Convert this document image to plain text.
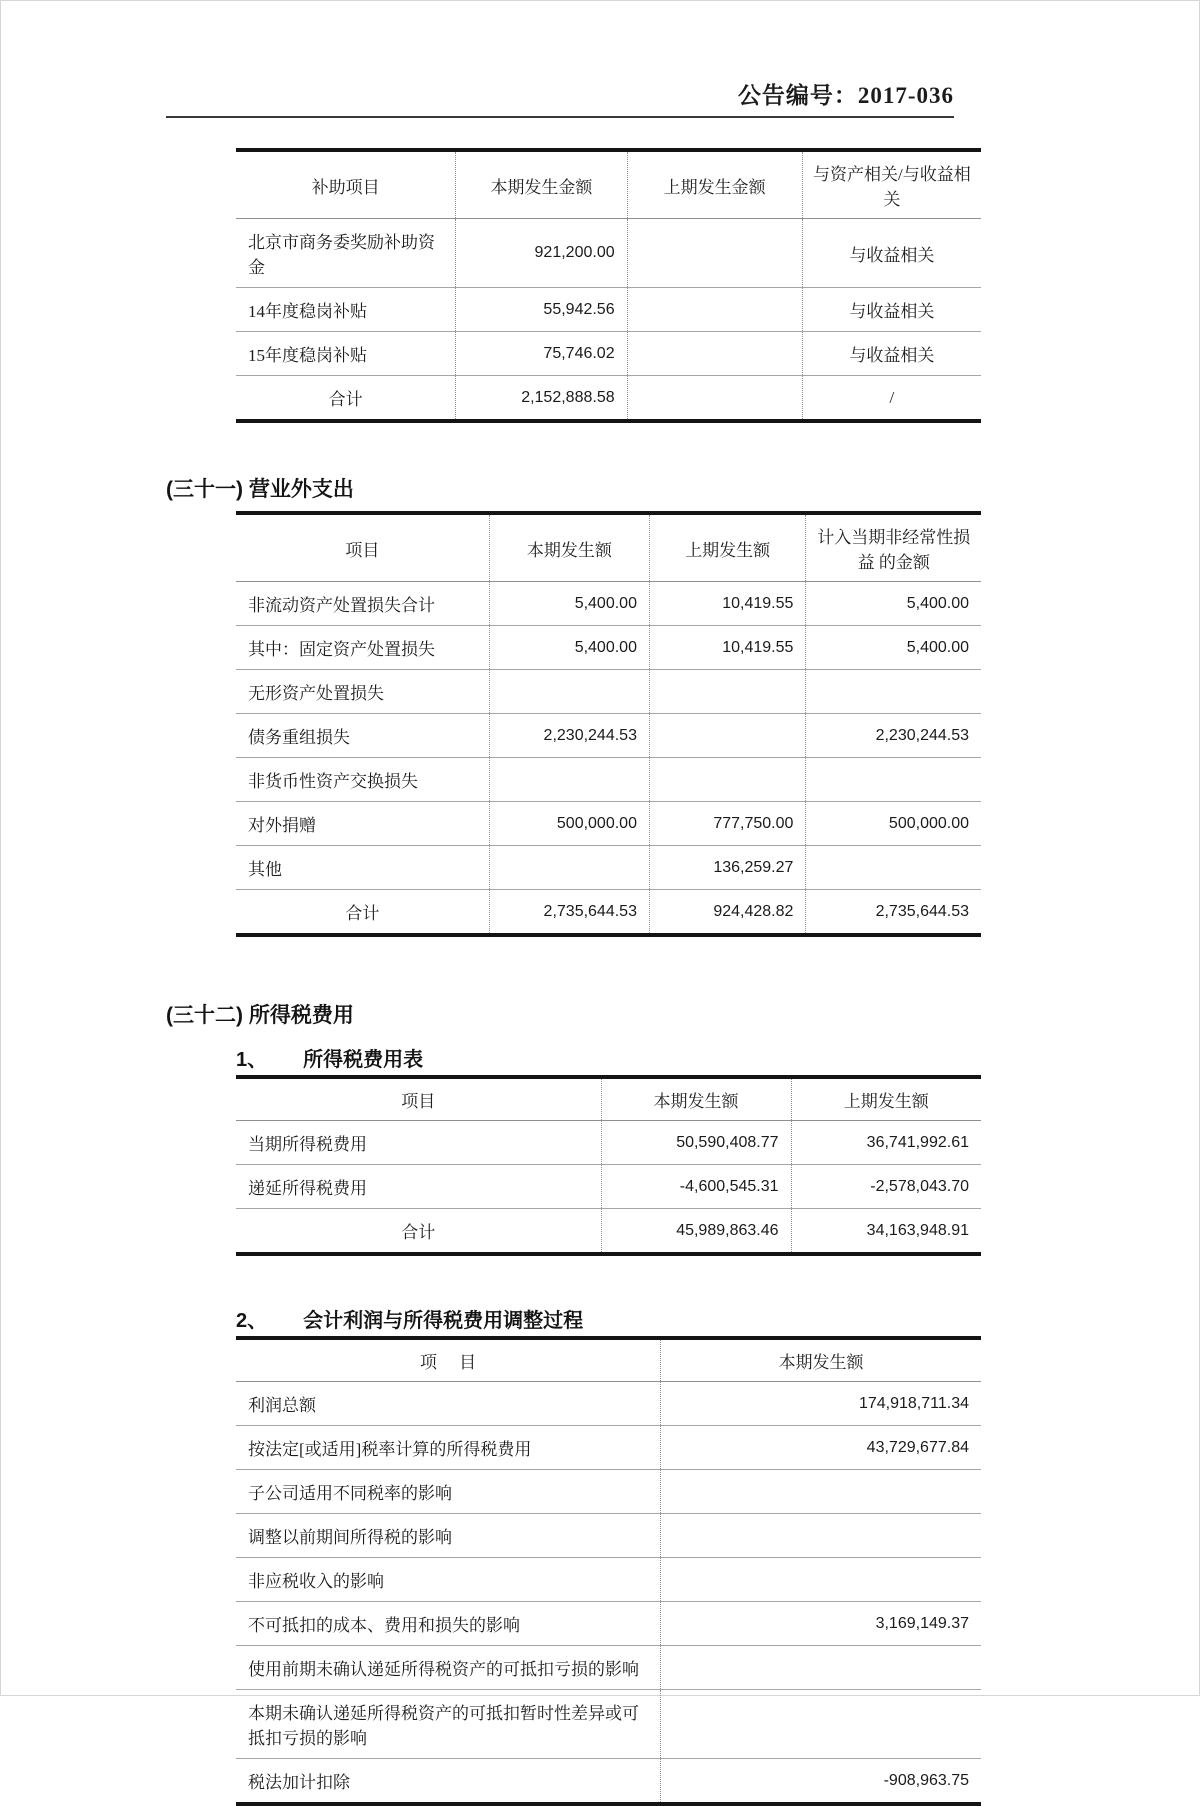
公告编号：2017-036
补助项目	本期发生金额	上期发生金额	与资产相关/与收益相关
北京市商务委奖励补助资金	921,200.00		与收益相关
14年度稳岗补贴	55,942.56		与收益相关
15年度稳岗补贴	75,746.02		与收益相关
合计	2,152,888.58		/
(三十一) 营业外支出
项目	本期发生额	上期发生额	计入当期非经常性损益 的金额
非流动资产处置损失合计	5,400.00	10,419.55	5,400.00
其中：固定资产处置损失	5,400.00	10,419.55	5,400.00
无形资产处置损失			
债务重组损失	2,230,244.53		2,230,244.53
非货币性资产交换损失			
对外捐赠	500,000.00	777,750.00	500,000.00
其他		136,259.27	
合计	2,735,644.53	924,428.82	2,735,644.53
(三十二) 所得税费用
1、 所得税费用表
项目	本期发生额	上期发生额
当期所得税费用	50,590,408.77	36,741,992.61
递延所得税费用	-4,600,545.31	-2,578,043.70
合计	45,989,863.46	34,163,948.91
2、 会计利润与所得税费用调整过程
项 目	本期发生额
利润总额	174,918,711.34
按法定[或适用]税率计算的所得税费用	43,729,677.84
子公司适用不同税率的影响	
调整以前期间所得税的影响	
非应税收入的影响	
不可抵扣的成本、费用和损失的影响	3,169,149.37
使用前期未确认递延所得税资产的可抵扣亏损的影响	
本期未确认递延所得税资产的可抵扣暂时性差异或可抵扣亏损的影响	
税法加计扣除	-908,963.75
